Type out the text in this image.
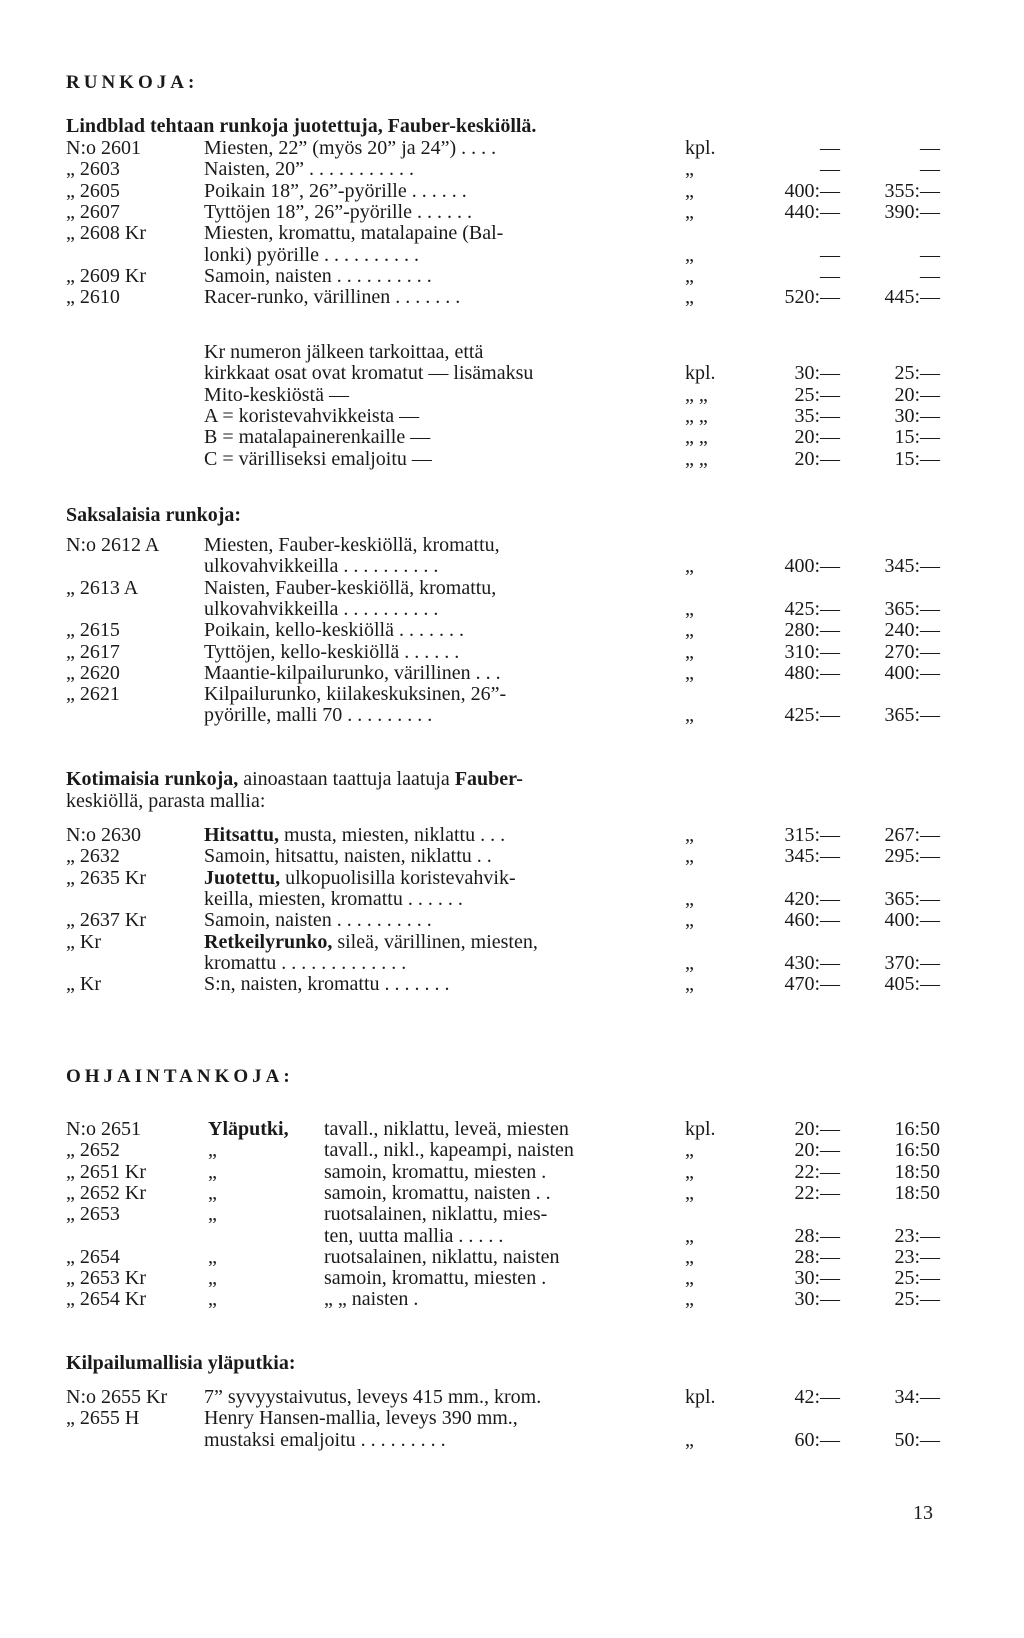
RUNKOJA:
Lindblad tehtaan runkoja juotettuja, Fauber-keskiöllä.
N:o 2601	Miesten, 22” (myös 20” ja 24”) . . . .	kpl.	—	—
„ 2603	Naisten, 20” . . . . . . . . . . .	„	—	—
„ 2605	Poikain 18”, 26”-pyörille . . . . . .	„	400:—	355:—
„ 2607	Tyttöjen 18”, 26”-pyörille . . . . . .	„	440:—	390:—
„ 2608 Kr	Miesten, kromattu, matalapaine (Bal-
lonki) pyörille . . . . . . . . . .	„	—	—
„ 2609 Kr	Samoin, naisten . . . . . . . . . .	„	—	—
„ 2610	Racer-runko, värillinen . . . . . . .	„	520:—	445:—
Kr numeron jälkeen tarkoittaa, että
kirkkaat osat ovat kromatut — lisämaksu	kpl.	30:—	25:—
Mito-keskiöstä —	„ „	25:—	20:—
A = koristevahvikkeista —	„ „	35:—	30:—
B = matalapainerenkaille —	„ „	20:—	15:—
C = värilliseksi emaljoitu —	„ „	20:—	15:—
Saksalaisia runkoja:
N:o 2612 A	Miesten, Fauber-keskiöllä, kromattu,
ulkovahvikkeilla . . . . . . . . . .	„	400:—	345:—
„ 2613 A	Naisten, Fauber-keskiöllä, kromattu,
ulkovahvikkeilla . . . . . . . . . .	„	425:—	365:—
„ 2615	Poikain, kello-keskiöllä . . . . . . .	„	280:—	240:—
„ 2617	Tyttöjen, kello-keskiöllä . . . . . .	„	310:—	270:—
„ 2620	Maantie-kilpailurunko, värillinen . . .	„	480:—	400:—
„ 2621	Kilpailurunko, kiilakeskuksinen, 26”-
pyörille, malli 70 . . . . . . . . .	„	425:—	365:—
Kotimaisia runkoja, ainoastaan taattuja laatuja Fauber-
keskiöllä, parasta mallia:
N:o 2630	Hitsattu, musta, miesten, niklattu . . .	„	315:—	267:—
„ 2632	Samoin, hitsattu, naisten, niklattu . .	„	345:—	295:—
„ 2635 Kr	Juotettu, ulkopuolisilla koristevahvik-
keilla, miesten, kromattu . . . . . .	„	420:—	365:—
„ 2637 Kr	Samoin, naisten . . . . . . . . . .	„	460:—	400:—
„ Kr	Retkeilyrunko, sileä, värillinen, miesten,
kromattu . . . . . . . . . . . . .	„	430:—	370:—
„ Kr	S:n, naisten, kromattu . . . . . . .	„	470:—	405:—
OHJAINTANKOJA:
N:o 2651	Yläputki,	tavall., niklattu, leveä, miesten	kpl.	20:—	16:50
„ 2652	„	tavall., nikl., kapeampi, naisten	„	20:—	16:50
„ 2651 Kr	„	samoin, kromattu, miesten .	„	22:—	18:50
„ 2652 Kr	„	samoin, kromattu, naisten . .	„	22:—	18:50
„ 2653	„	ruotsalainen, niklattu, mies-
ten, uutta mallia . . . . .	„	28:—	23:—
„ 2654	„	ruotsalainen, niklattu, naisten	„	28:—	23:—
„ 2653 Kr	„	samoin, kromattu, miesten .	„	30:—	25:—
„ 2654 Kr	„	„ „ naisten .	„	30:—	25:—
Kilpailumallisia yläputkia:
N:o 2655 Kr	7” syvyystaivutus, leveys 415 mm., krom.	kpl.	42:—	34:—
„ 2655 H	Henry Hansen-mallia, leveys 390 mm.,
mustaksi emaljoitu . . . . . . . . .	„	60:—	50:—
13
